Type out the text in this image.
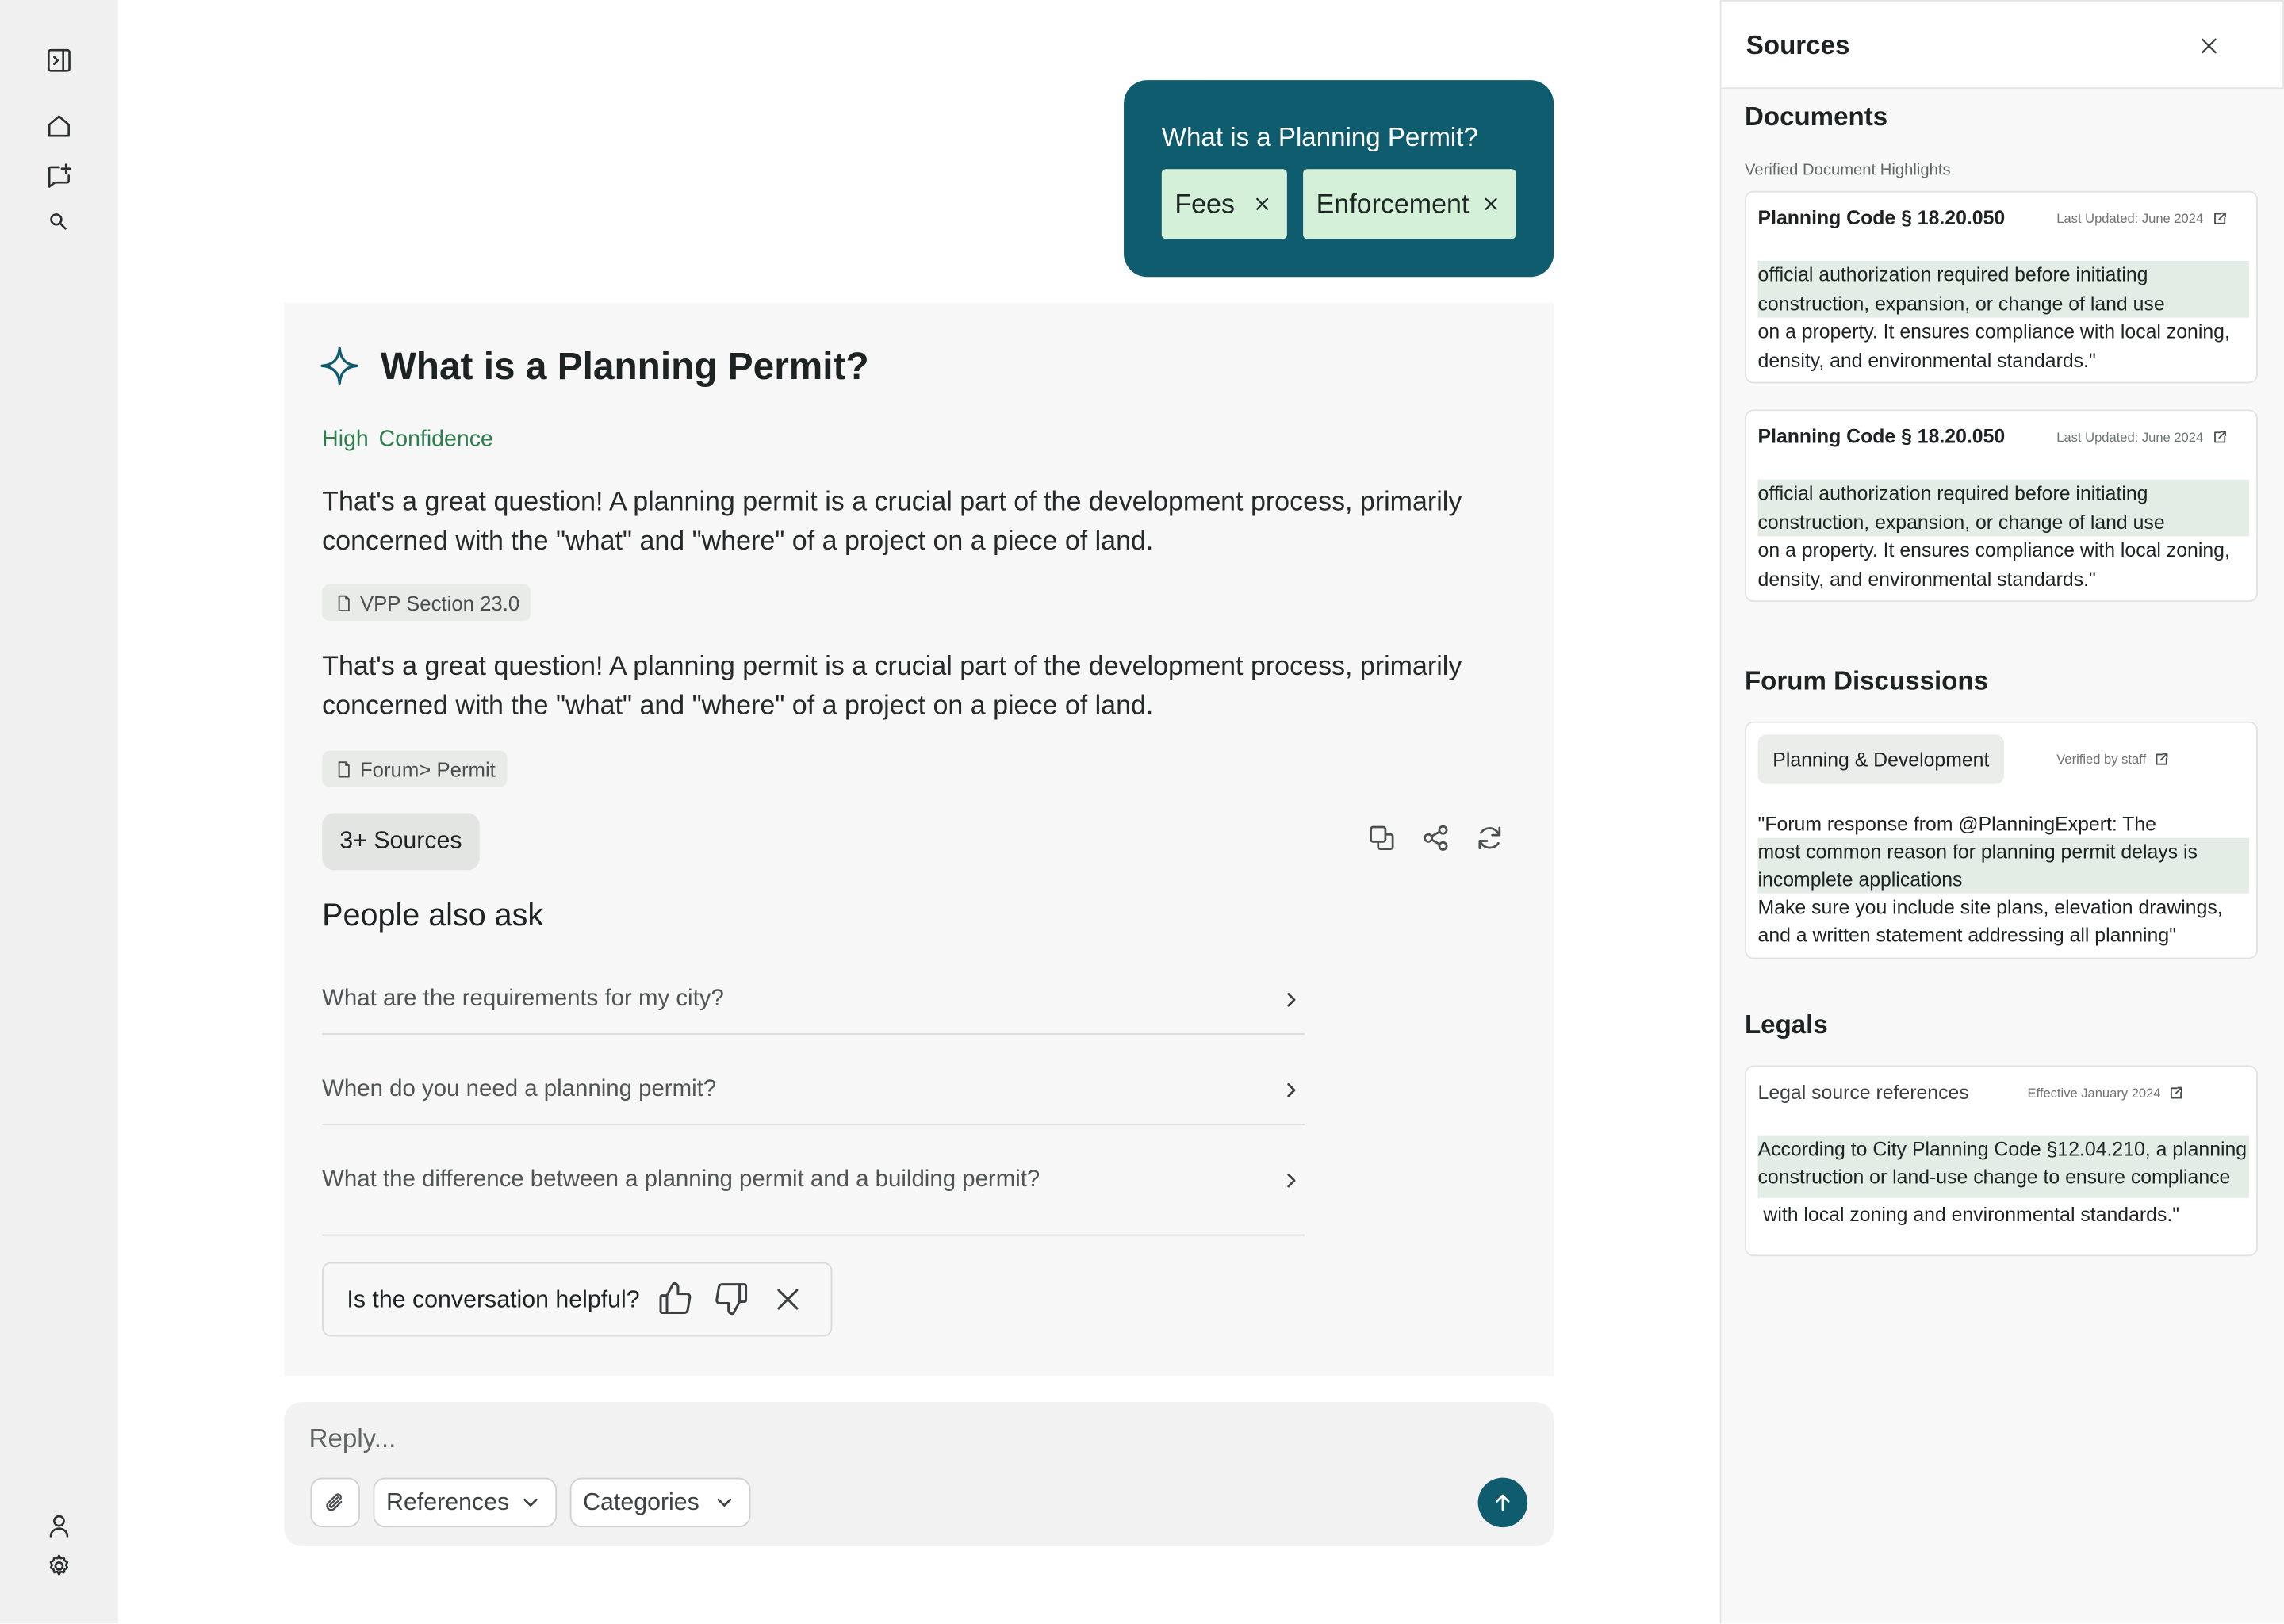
What is a Planning Permit?
Fees	Enforcement
What is a Planning Permit?
High Confidence

That's a great question! A planning permit is a crucial part of the development process, primarily concerned with the "what" and "where" of a project on a piece of land.

VPP Section 23.0

That's a great question! A planning permit is a crucial part of the development process, primarily concerned with the "what" and "where" of a project on a piece of land.

Forum> Permit
3+ Sources
People also ask
What are the requirements for my city?
When do you need a planning permit?
What the difference between a planning permit and a building permit?
Is the conversation helpful?
Reply...
References	Categories
Sources
Documents
Verified Document Highlights
Planning Code § 18.20.050	Last Updated: June 2024
official authorization required before initiating
construction, expansion, or change of land use
on a property. It ensures compliance with local zoning,
density, and environmental standards."
Planning Code § 18.20.050	Last Updated: June 2024
official authorization required before initiating
construction, expansion, or change of land use
on a property. It ensures compliance with local zoning,
density, and environmental standards."
Forum Discussions
Planning & Development	Verified by staff
"Forum response from @PlanningExpert: The
most common reason for planning permit delays is
incomplete applications
Make sure you include site plans, elevation drawings,
and a written statement addressing all planning"
Legals
Legal source references	Effective January 2024
According to City Planning Code §12.04.210, a planning
construction or land-use change to ensure compliance
with local zoning and environmental standards."
